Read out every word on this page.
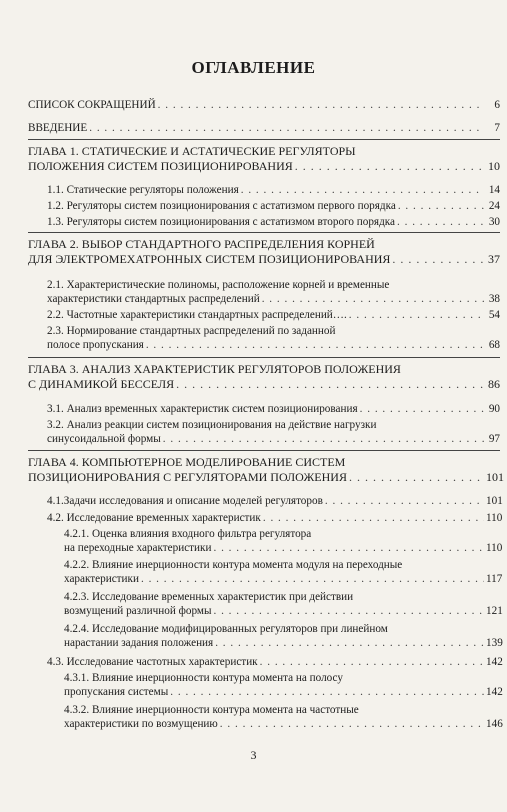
ОГЛАВЛЕНИЕ
СПИСОК СОКРАЩЕНИЙ . . .	6
ВВЕДЕНИЕ . . .	7
ГЛАВА 1. СТАТИЧЕСКИЕ И АСТАТИЧЕСКИЕ РЕГУЛЯТОРЫ
ПОЛОЖЕНИЯ СИСТЕМ ПОЗИЦИОНИРОВАНИЯ . . .	10
1.1. Статические регуляторы положения . . .	14
1.2. Регуляторы систем позиционирования с астатизмом первого порядка . . .	24
1.3. Регуляторы систем позиционирования с астатизмом второго порядка . . .	30
ГЛАВА 2. ВЫБОР СТАНДАРТНОГО РАСПРЕДЕЛЕНИЯ КОРНЕЙ
ДЛЯ ЭЛЕКТРОМЕХАТРОННЫХ СИСТЕМ ПОЗИЦИОНИРОВАНИЯ . . .	37
2.1. Характеристические полиномы, расположение корней и временные
характеристики стандартных распределений . . .	38
2.2. Частотные характеристики стандартных распределений…. . . .	54
2.3. Нормирование стандартных распределений по заданной
полосе пропускания . . .	68
ГЛАВА 3. АНАЛИЗ ХАРАКТЕРИСТИК РЕГУЛЯТОРОВ ПОЛОЖЕНИЯ
С ДИНАМИКОЙ БЕССЕЛЯ . . .	86
3.1. Анализ временных характеристик систем позиционирования . . .	90
3.2. Анализ реакции систем позиционирования на действие нагрузки
синусоидальной формы . . .	97
ГЛАВА 4. КОМПЬЮТЕРНОЕ МОДЕЛИРОВАНИЕ СИСТЕМ
ПОЗИЦИОНИРОВАНИЯ С РЕГУЛЯТОРАМИ ПОЛОЖЕНИЯ . . .	101
4.1.Задачи исследования и описание моделей регуляторов . . .	101
4.2. Исследование временных характеристик . . .	110
4.2.1. Оценка влияния входного фильтра регулятора
на переходные характеристики . . .	110
4.2.2. Влияние инерционности контура момента модуля на переходные
характеристики . . .	117
4.2.3. Исследование временных характеристик при действии
возмущений различной формы . . .	121
4.2.4. Исследование модифицированных регуляторов при линейном
нарастании задания положения . . .	139
4.3. Исследование частотных характеристик . . .	142
4.3.1. Влияние инерционности контура момента на полосу
пропускания системы . . .	142
4.3.2. Влияние инерционности контура момента на частотные
характеристики по возмущению . . .	146
3
